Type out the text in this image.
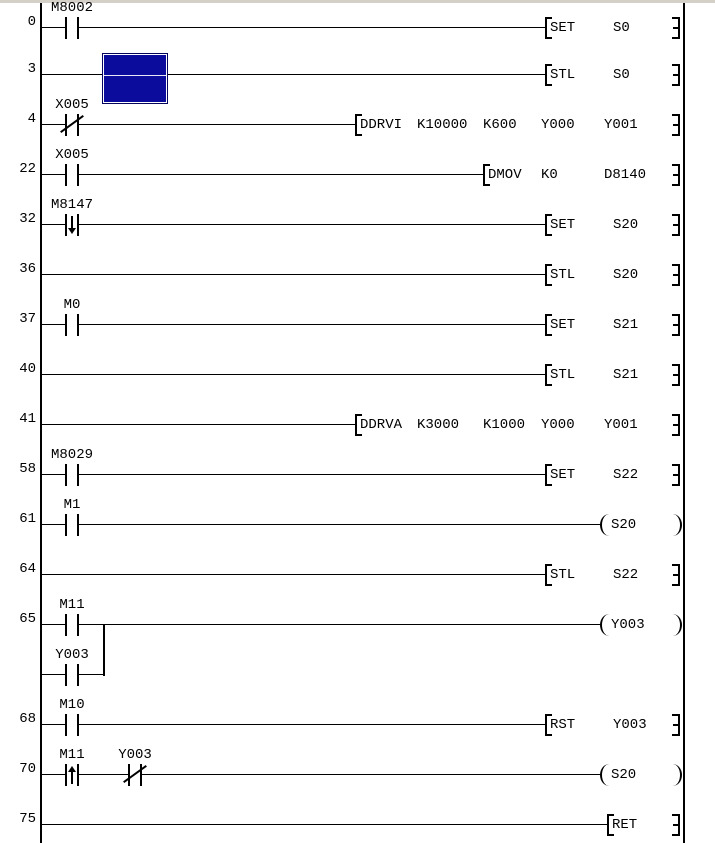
0
M8002
SET	S0
3	STL	S0
4
X005
DDRVI K10000 K600 Y000 Y001
22
X005
DMOV K0	D8140
32
M8147
SET	S20
36	STL	S20
37
M0
SET	S21
40	STL	S21
41	DDRVA K3000 K1000 Y000 Y001
58
M8029
SET	S22
61
M1
S20
64	STL	S22
65
M11
Y003
Y003
68
M10
RST	Y003
70
M11	Y003
S20
75	RET
